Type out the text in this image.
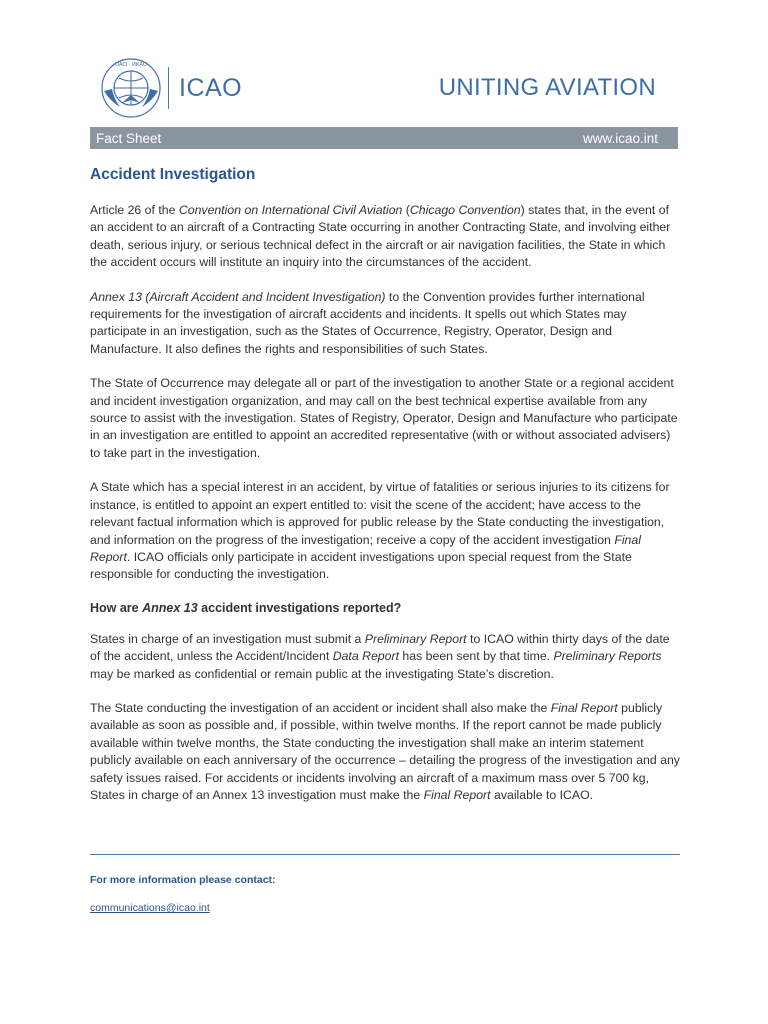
OACI · ИКАО
ICAO	UNITING AVIATION
Fact Sheet	www.icao.int
Accident Investigation

Article 26 of the Convention on International Civil Aviation (Chicago Convention) states that, in the event of an accident to an aircraft of a Contracting State occurring in another Contracting State, and involving either death, serious injury, or serious technical defect in the aircraft or air navigation facilities, the State in which the accident occurs will institute an inquiry into the circumstances of the accident.

Annex 13 (Aircraft Accident and Incident Investigation) to the Convention provides further international requirements for the investigation of aircraft accidents and incidents. It spells out which States may participate in an investigation, such as the States of Occurrence, Registry, Operator, Design and Manufacture. It also defines the rights and responsibilities of such States.

The State of Occurrence may delegate all or part of the investigation to another State or a regional accident and incident investigation organization, and may call on the best technical expertise available from any source to assist with the investigation. States of Registry, Operator, Design and Manufacture who participate in an investigation are entitled to appoint an accredited representative (with or without associated advisers) to take part in the investigation.

A State which has a special interest in an accident, by virtue of fatalities or serious injuries to its citizens for instance, is entitled to appoint an expert entitled to: visit the scene of the accident; have access to the relevant factual information which is approved for public release by the State conducting the investigation, and information on the progress of the investigation; receive a copy of the accident investigation Final Report. ICAO officials only participate in accident investigations upon special request from the State responsible for conducting the investigation.

How are Annex 13 accident investigations reported?

States in charge of an investigation must submit a Preliminary Report to ICAO within thirty days of the date of the accident, unless the Accident/Incident Data Report has been sent by that time. Preliminary Reports may be marked as confidential or remain public at the investigating State’s discretion.

The State conducting the investigation of an accident or incident shall also make the Final Report publicly available as soon as possible and, if possible, within twelve months. If the report cannot be made publicly available within twelve months, the State conducting the investigation shall make an interim statement publicly available on each anniversary of the occurrence – detailing the progress of the investigation and any safety issues raised. For accidents or incidents involving an aircraft of a maximum mass over 5 700 kg, States in charge of an Annex 13 investigation must make the Final Report available to ICAO.

For more information please contact:
communications@icao.int
